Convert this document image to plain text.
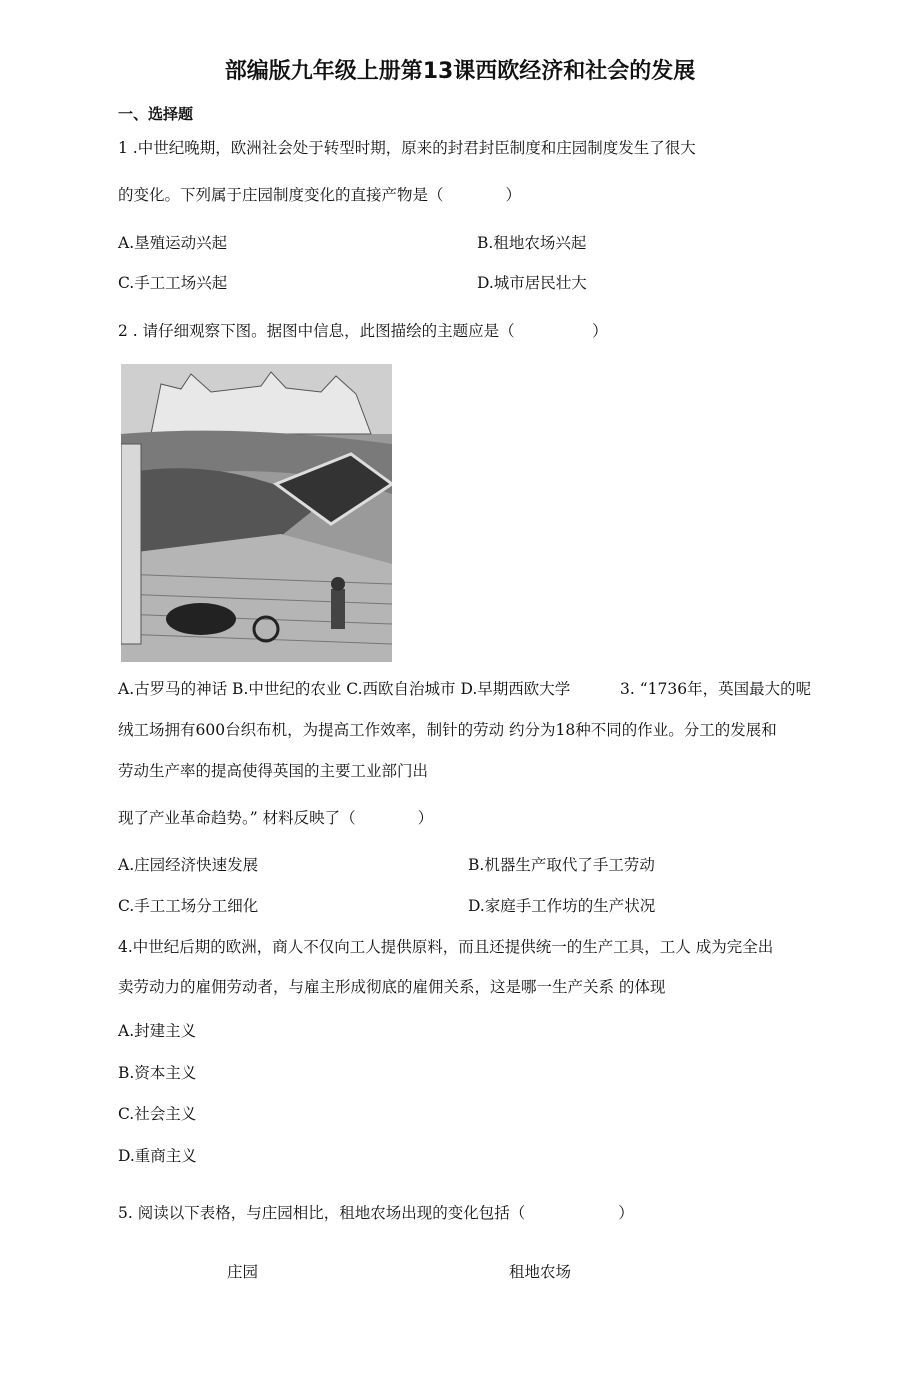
部编版九年级上册第13课西欧经济和社会的发展
一、选择题
1 .中世纪晚期，欧洲社会处于转型时期，原来的封君封臣制度和庄园制度发生了很大
的变化。下列属于庄园制度变化的直接产物是（　　　　）
A.垦殖运动兴起	B.租地农场兴起
C.手工工场兴起	D.城市居民壮大
2 . 请仔细观察下图。据图中信息，此图描绘的主题应是（　　　　　）
A.古罗马的神话 B.中世纪的农业 C.西欧自治城市 D.早期西欧大学	3. “1736年，英国最大的呢
绒工场拥有600台织布机，为提高工作效率，制针的劳动 约分为18种不同的作业。分工的发展和
劳动生产率的提高使得英国的主要工业部门出
现了产业革命趋势。” 材料反映了（　　　　）
A.庄园经济快速发展	B.机器生产取代了手工劳动
C.手工工场分工细化	D.家庭手工作坊的生产状况
4.中世纪后期的欧洲，商人不仅向工人提供原料，而且还提供统一的生产工具，工人 成为完全出
卖劳动力的雇佣劳动者，与雇主形成彻底的雇佣关系，这是哪一生产关系 的体现
A.封建主义
B.资本主义
C.社会主义
D.重商主义
5. 阅读以下表格，与庄园相比，租地农场出现的变化包括（　　　　　　）
庄园	租地农场
